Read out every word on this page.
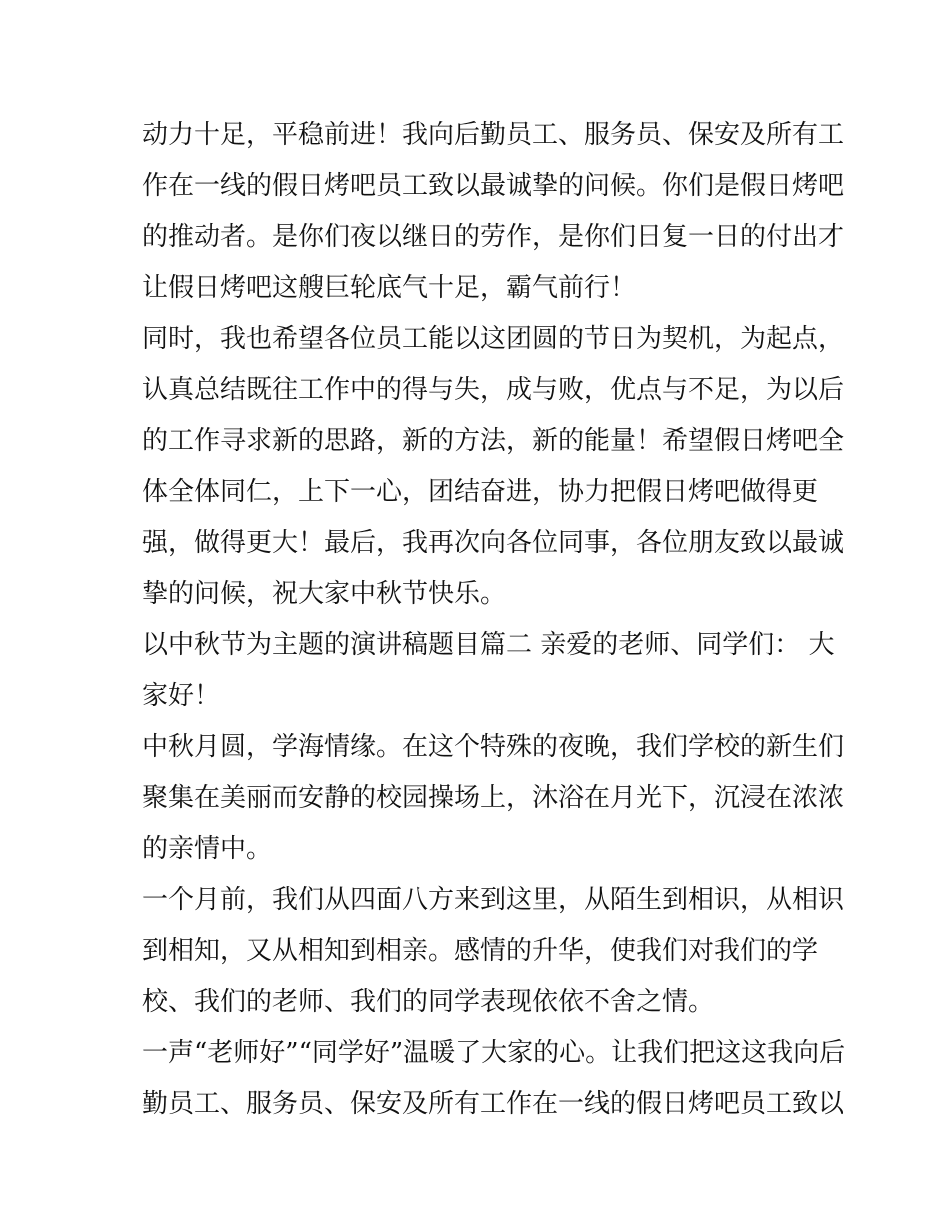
动力十足，平稳前进！我向后勤员工、服务员、保安及所有工

作在一线的假日烤吧员工致以最诚挚的问候。你们是假日烤吧

的推动者。是你们夜以继日的劳作，是你们日复一日的付出才

让假日烤吧这艘巨轮底气十足，霸气前行！

同时，我也希望各位员工能以这团圆的节日为契机，为起点，

认真总结既往工作中的得与失，成与败，优点与不足，为以后

的工作寻求新的思路，新的方法，新的能量！希望假日烤吧全

体全体同仁，上下一心，团结奋进，协力把假日烤吧做得更

强，做得更大！最后，我再次向各位同事，各位朋友致以最诚

挚的问候，祝大家中秋节快乐。

以中秋节为主题的演讲稿题目篇二 亲爱的老师、同学们： 大

家好！

中秋月圆，学海情缘。在这个特殊的夜晚，我们学校的新生们

聚集在美丽而安静的校园操场上，沐浴在月光下，沉浸在浓浓

的亲情中。

一个月前，我们从四面八方来到这里，从陌生到相识，从相识

到相知，又从相知到相亲。感情的升华，使我们对我们的学

校、我们的老师、我们的同学表现依依不舍之情。

一声“老师好”“同学好”温暖了大家的心。让我们把这这我向后

勤员工、服务员、保安及所有工作在一线的假日烤吧员工致以
